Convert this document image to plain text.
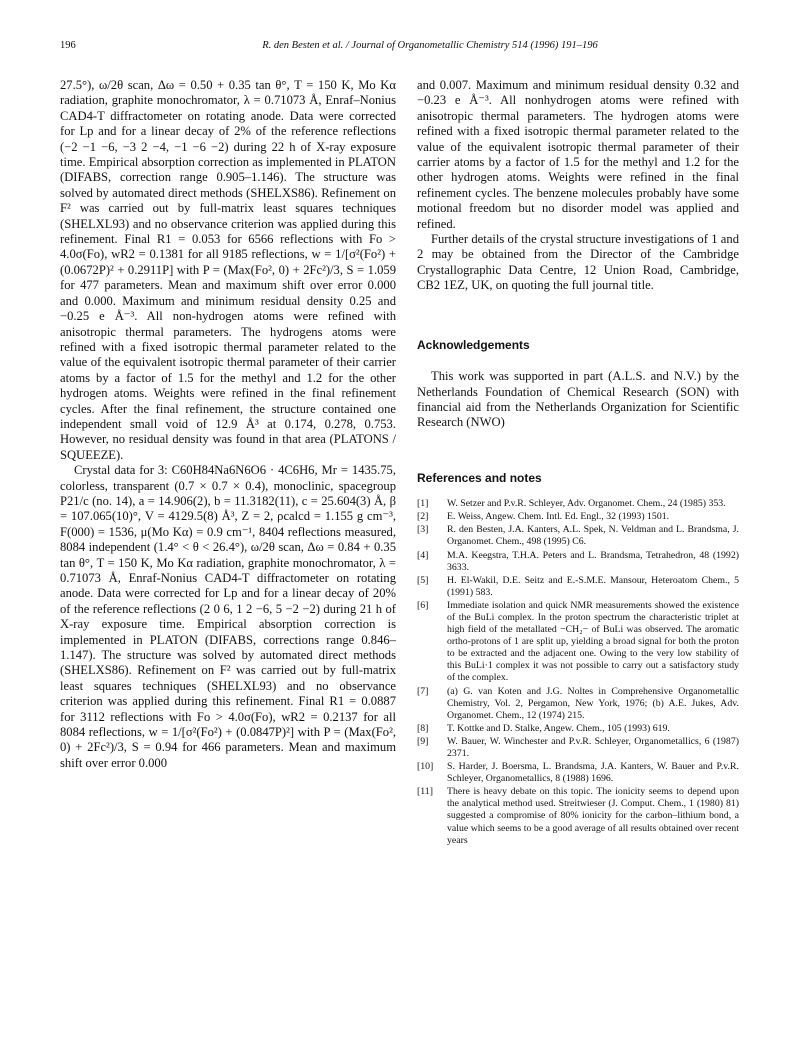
196	R. den Besten et al. / Journal of Organometallic Chemistry 514 (1996) 191–196

27.5°), ω/2θ scan, Δω = 0.50 + 0.35 tan θ°, T = 150 K, Mo Kα radiation, graphite monochromator, λ = 0.71073 Å, Enraf–Nonius CAD4-T diffractometer on rotating anode. Data were corrected for Lp and for a linear decay of 2% of the reference reflections (−2 −1 −6, −3 2 −4, −1 −6 −2) during 22 h of X-ray exposure time. Empirical absorption correction as implemented in PLATON (DIFABS, correction range 0.905–1.146). The structure was solved by automated direct methods (SHELXS86). Refinement on F² was carried out by full-matrix least squares techniques (SHELXL93) and no observance criterion was applied during this refinement. Final R1 = 0.053 for 6566 reflections with Fo > 4.0σ(Fo), wR2 = 0.1381 for all 9185 reflections, w = 1/[σ²(Fo²) + (0.0672P)² + 0.2911P] with P = (Max(Fo², 0) + 2Fc²)/3, S = 1.059 for 477 parameters. Mean and maximum shift over error 0.000 and 0.000. Maximum and minimum residual density 0.25 and −0.25 e Å⁻³. All non-hydrogen atoms were refined with anisotropic thermal parameters. The hydrogens atoms were refined with a fixed isotropic thermal parameter related to the value of the equivalent isotropic thermal parameter of their carrier atoms by a factor of 1.5 for the methyl and 1.2 for the other hydrogen atoms. Weights were refined in the final refinement cycles. After the final refinement, the structure contained one independent small void of 12.9 Å³ at 0.174, 0.278, 0.753. However, no residual density was found in that area (PLATONS / SQUEEZE).

Crystal data for 3: C60H84Na6N6O6 · 4C6H6, Mr = 1435.75, colorless, transparent (0.7 × 0.7 × 0.4), monoclinic, spacegroup P21/c (no. 14), a = 14.906(2), b = 11.3182(11), c = 25.604(3) Å, β = 107.065(10)°, V = 4129.5(8) Å³, Z = 2, ρcalcd = 1.155 g cm⁻³, F(000) = 1536, μ(Mo Kα) = 0.9 cm⁻¹, 8404 reflections measured, 8084 independent (1.4° < θ < 26.4°), ω/2θ scan, Δω = 0.84 + 0.35 tan θ°, T = 150 K, Mo Kα radiation, graphite monochromator, λ = 0.71073 Å, Enraf-Nonius CAD4-T diffractometer on rotating anode. Data were corrected for Lp and for a linear decay of 20% of the reference reflections (2 0 6, 1 2 −6, 5 −2 −2) during 21 h of X-ray exposure time. Empirical absorption correction is implemented in PLATON (DIFABS, corrections range 0.846–1.147). The structure was solved by automated direct methods (SHELXS86). Refinement on F² was carried out by full-matrix least squares techniques (SHELXL93) and no observance criterion was applied during this refinement. Final R1 = 0.0887 for 3112 reflections with Fo > 4.0σ(Fo), wR2 = 0.2137 for all 8084 reflections, w = 1/[σ²(Fo²) + (0.0847P)²] with P = (Max(Fo², 0) + 2Fc²)/3, S = 0.94 for 466 parameters. Mean and maximum shift over error 0.000

and 0.007. Maximum and minimum residual density 0.32 and −0.23 e Å⁻³. All nonhydrogen atoms were refined with anisotropic thermal parameters. The hydrogen atoms were refined with a fixed isotropic thermal parameter related to the value of the equivalent isotropic thermal parameter of their carrier atoms by a factor of 1.5 for the methyl and 1.2 for the other hydrogen atoms. Weights were refined in the final refinement cycles. The benzene molecules probably have some motional freedom but no disorder model was applied and refined.

Further details of the crystal structure investigations of 1 and 2 may be obtained from the Director of the Cambridge Crystallographic Data Centre, 12 Union Road, Cambridge, CB2 1EZ, UK, on quoting the full journal title.

Acknowledgements

This work was supported in part (A.L.S. and N.V.) by the Netherlands Foundation of Chemical Research (SON) with financial aid from the Netherlands Organization for Scientific Research (NWO)

References and notes
[1]	W. Setzer and P.v.R. Schleyer, Adv. Organomet. Chem., 24 (1985) 353.
[2]	E. Weiss, Angew. Chem. Intl. Ed. Engl., 32 (1993) 1501.
[3]	R. den Besten, J.A. Kanters, A.L. Spek, N. Veldman and L. Brandsma, J. Organomet. Chem., 498 (1995) C6.
[4]	M.A. Keegstra, T.H.A. Peters and L. Brandsma, Tetrahedron, 48 (1992) 3633.
[5]	H. El-Wakil, D.E. Seitz and E.-S.M.E. Mansour, Heteroatom Chem., 5 (1991) 583.
[6]	Immediate isolation and quick NMR measurements showed the existence of the BuLi complex. In the proton spectrum the characteristic triplet at high field of the metallated −CH₂− of BuLi was observed. The aromatic ortho-protons of 1 are split up, yielding a broad signal for both the proton to be extracted and the adjacent one. Owing to the very low stability of this BuLi·1 complex it was not possible to carry out a satisfactory study of the complex.
[7]	(a) G. van Koten and J.G. Noltes in Comprehensive Organometallic Chemistry, Vol. 2, Pergamon, New York, 1976; (b) A.E. Jukes, Adv. Organomet. Chem., 12 (1974) 215.
[8]	T. Kottke and D. Stalke, Angew. Chem., 105 (1993) 619.
[9]	W. Bauer, W. Winchester and P.v.R. Schleyer, Organometallics, 6 (1987) 2371.
[10]	S. Harder, J. Boersma, L. Brandsma, J.A. Kanters, W. Bauer and P.v.R. Schleyer, Organometallics, 8 (1988) 1696.
[11]	There is heavy debate on this topic. The ionicity seems to depend upon the analytical method used. Streitwieser (J. Comput. Chem., 1 (1980) 81) suggested a compromise of 80% ionicity for the carbon–lithium bond, a value which seems to be a good average of all results obtained over recent years
